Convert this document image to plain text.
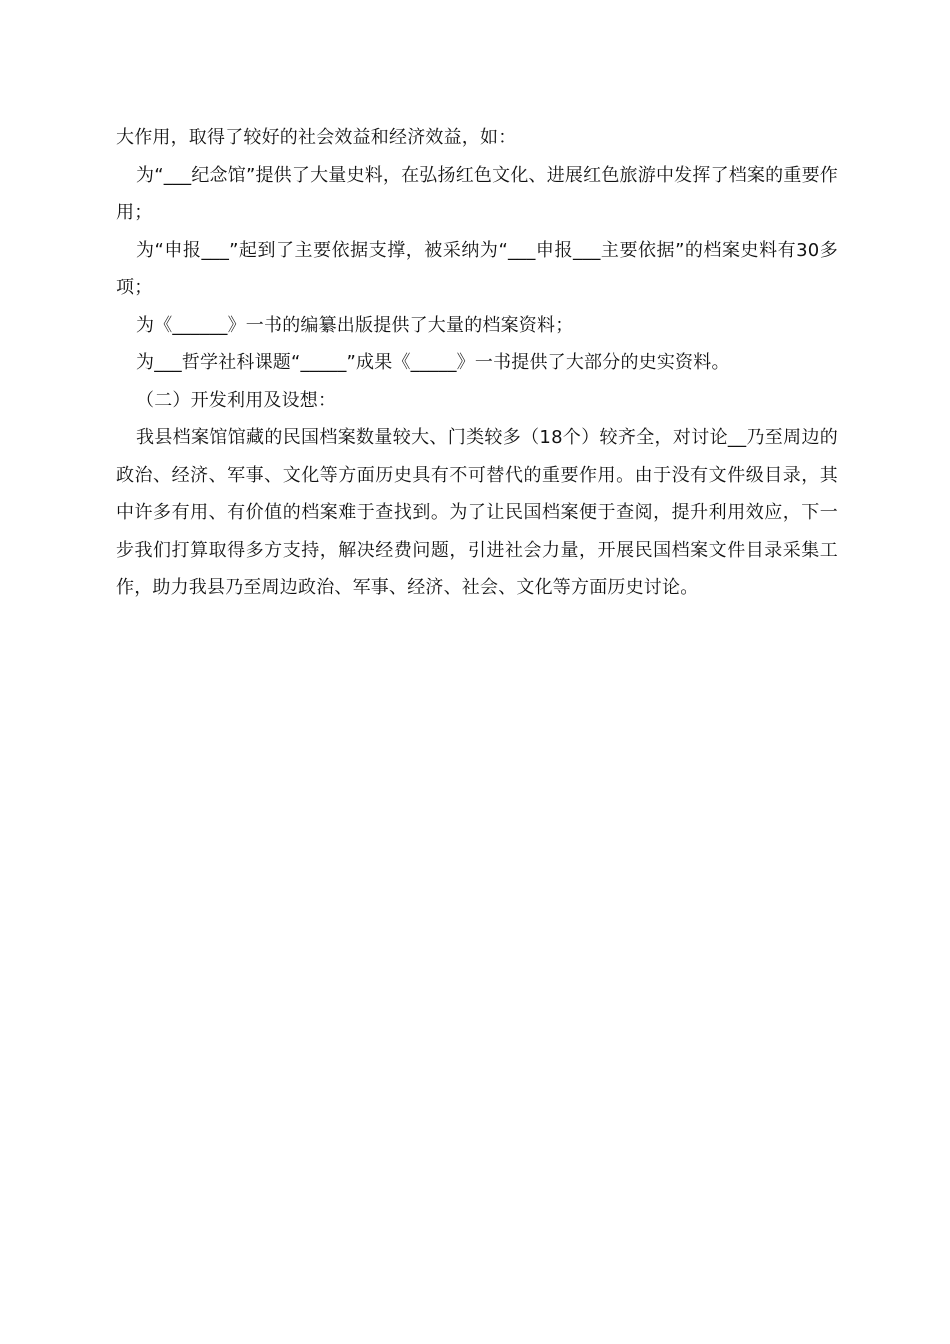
大作用，取得了较好的社会效益和经济效益，如：

为“___纪念馆”提供了大量史料，在弘扬红色文化、进展红色旅游中发挥了档案的重要作用；

为“申报___”起到了主要依据支撑，被采纳为“___申报___主要依据”的档案史料有30多项；

为《______》一书的编纂出版提供了大量的档案资料；

为___哲学社科课题“_____”成果《_____》一书提供了大部分的史实资料。

（二）开发利用及设想：

我县档案馆馆藏的民国档案数量较大、门类较多（18个）较齐全，对讨论__乃至周边的政治、经济、军事、文化等方面历史具有不可替代的重要作用。由于没有文件级目录，其中许多有用、有价值的档案难于查找到。为了让民国档案便于查阅，提升利用效应，下一步我们打算取得多方支持，解决经费问题，引进社会力量，开展民国档案文件目录采集工作，助力我县乃至周边政治、军事、经济、社会、文化等方面历史讨论。
